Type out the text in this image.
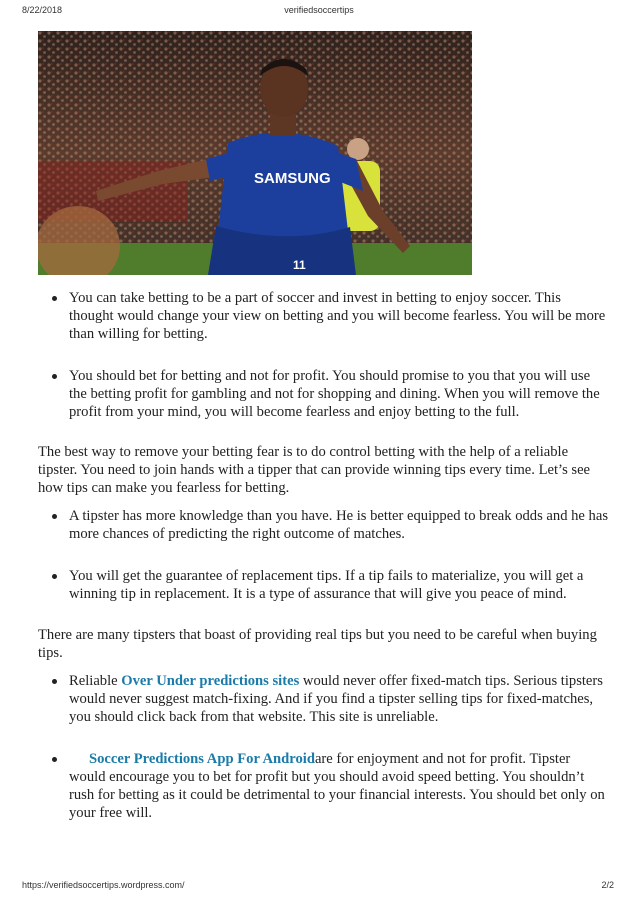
8/22/2018	verifiedsoccertips
SAMSUNG
11
You can take betting to be a part of soccer and invest in betting to enjoy soccer. This thought would change your view on betting and you will become fearless. You will be more than willing for betting.
You should bet for betting and not for profit. You should promise to you that you will use the betting profit for gambling and not for shopping and dining. When you will remove the profit from your mind, you will become fearless and enjoy betting to the full.

The best way to remove your betting fear is to do control betting with the help of a reliable tipster. You need to join hands with a tipper that can provide winning tips every time. Let’s see how tips can make you fearless for betting.

A tipster has more knowledge than you have. He is better equipped to break odds and he has more chances of predicting the right outcome of matches.
You will get the guarantee of replacement tips. If a tip fails to materialize, you will get a winning tip in replacement. It is a type of assurance that will give you peace of mind.

There are many tipsters that boast of providing real tips but you need to be careful when buying tips.

Reliable Over Under predictions sites would never offer fixed-match tips. Serious tipsters would never suggest match-fixing. And if you find a tipster selling tips for fixed-matches, you should click back from that website. This site is unreliable.
Soccer Predictions App For Androidare for enjoyment and not for profit. Tipster would encourage you to bet for profit but you should avoid speed betting. You shouldn’t rush for betting as it could be detrimental to your financial interests. You should bet only on your free will.
https://verifiedsoccertips.wordpress.com/	2/2
